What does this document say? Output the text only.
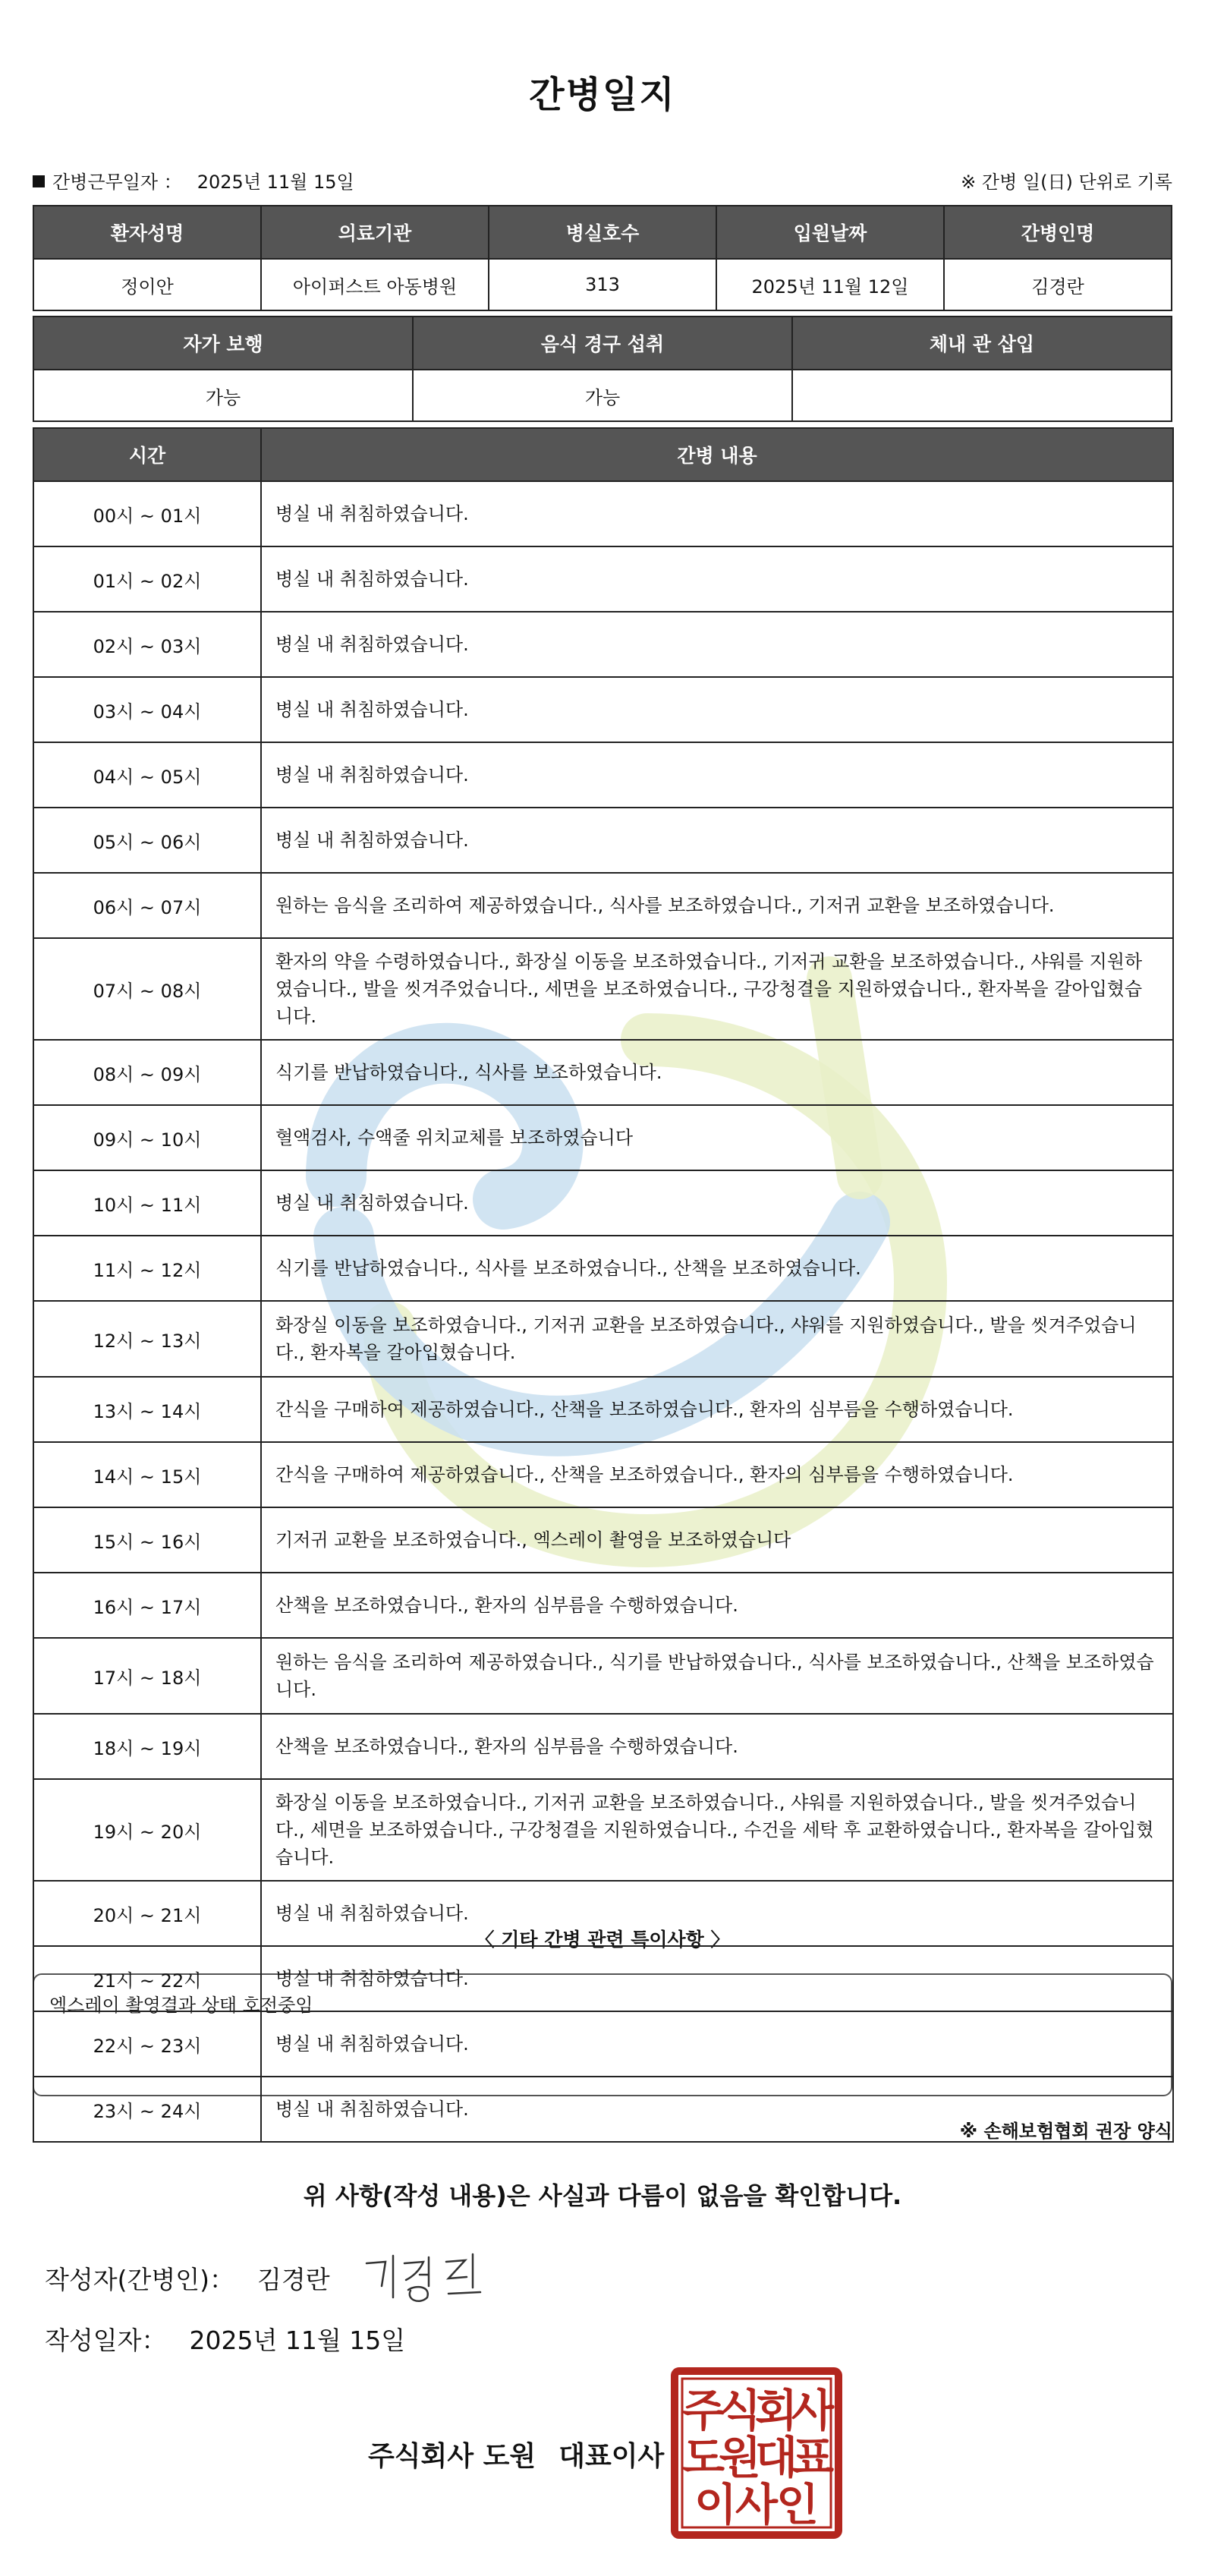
간병일지
간병근무일자 ： 2025년 11월 15일	※ 간병 일(日) 단위로 기록
환자성명	의료기관	병실호수	입원날짜	간병인명
정이안	아이퍼스트 아동병원	313	2025년 11월 12일	김경란
자가 보행	음식 경구 섭취	체내 관 삽입
가능	가능	
시간	간병 내용
00시 ~ 01시	병실 내 취침하였습니다.
01시 ~ 02시	병실 내 취침하였습니다.
02시 ~ 03시	병실 내 취침하였습니다.
03시 ~ 04시	병실 내 취침하였습니다.
04시 ~ 05시	병실 내 취침하였습니다.
05시 ~ 06시	병실 내 취침하였습니다.
06시 ~ 07시	원하는 음식을 조리하여 제공하였습니다., 식사를 보조하였습니다., 기저귀 교환을 보조하였습니다.
07시 ~ 08시	환자의 약을 수령하였습니다., 화장실 이동을 보조하였습니다., 기저귀 교환을 보조하였습니다., 샤워를 지원하였습니다., 발을 씻겨주었습니다., 세면을 보조하였습니다., 구강청결을 지원하였습니다., 환자복을 갈아입혔습니다.
08시 ~ 09시	식기를 반납하였습니다., 식사를 보조하였습니다.
09시 ~ 10시	혈액검사, 수액줄 위치교체를 보조하였습니다
10시 ~ 11시	병실 내 취침하였습니다.
11시 ~ 12시	식기를 반납하였습니다., 식사를 보조하였습니다., 산책을 보조하였습니다.
12시 ~ 13시	화장실 이동을 보조하였습니다., 기저귀 교환을 보조하였습니다., 샤워를 지원하였습니다., 발을 씻겨주었습니다., 환자복을 갈아입혔습니다.
13시 ~ 14시	간식을 구매하여 제공하였습니다., 산책을 보조하였습니다., 환자의 심부름을 수행하였습니다.
14시 ~ 15시	간식을 구매하여 제공하였습니다., 산책을 보조하였습니다., 환자의 심부름을 수행하였습니다.
15시 ~ 16시	기저귀 교환을 보조하였습니다., 엑스레이 촬영을 보조하였습니다
16시 ~ 17시	산책을 보조하였습니다., 환자의 심부름을 수행하였습니다.
17시 ~ 18시	원하는 음식을 조리하여 제공하였습니다., 식기를 반납하였습니다., 식사를 보조하였습니다., 산책을 보조하였습니다.
18시 ~ 19시	산책을 보조하였습니다., 환자의 심부름을 수행하였습니다.
19시 ~ 20시	화장실 이동을 보조하였습니다., 기저귀 교환을 보조하였습니다., 샤워를 지원하였습니다., 발을 씻겨주었습니다., 세면을 보조하였습니다., 구강청결을 지원하였습니다., 수건을 세탁 후 교환하였습니다., 환자복을 갈아입혔습니다.
20시 ~ 21시	병실 내 취침하였습니다.
21시 ~ 22시	병실 내 취침하였습니다.
22시 ~ 23시	병실 내 취침하였습니다.
23시 ~ 24시	병실 내 취침하였습니다.
〈 기타 간병 관련 특이사항 〉
엑스레이 촬영결과 상태 호전중임
※ 손해보험협회 권장 양식
위 사항(작성 내용)은 사실과 다름이 없음을 확인합니다.
작성자(간병인)： 김경란
작성일자： 2025년 11월 15일
주식회사 도원 대표이사
주
식
회
사
도
원
대
표
이
사
인
